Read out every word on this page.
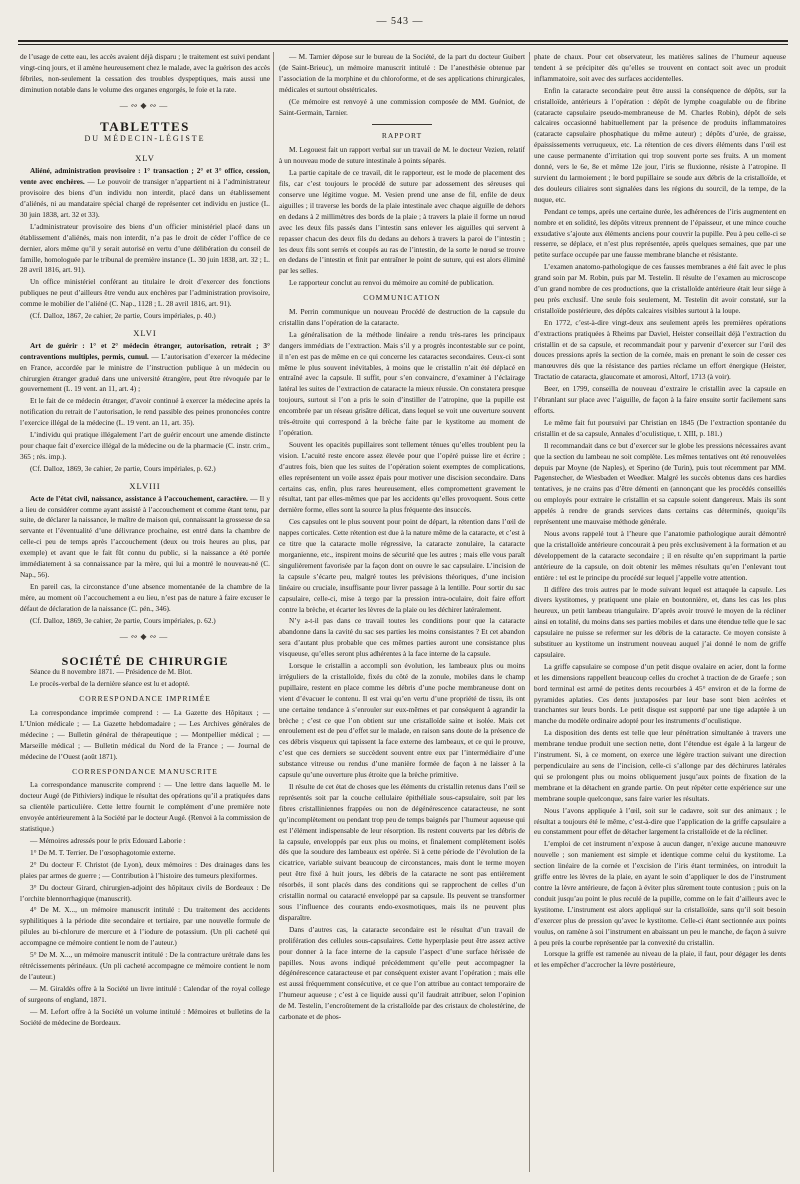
— 543 —

de l’usage de cette eau, les accès avaient déjà disparu ; le traitement est suivi pendant vingt-cinq jours, et il amène heureusement chez le malade, avec la guérison des accès fébriles, non-seulement la cessation des troubles dyspeptiques, mais aussi une diminution notable dans le volume des organes engorgés, le foie et la rate.

—∾◆∾—
TABLETTES
DU MÉDECIN-LÉGISTE
XLV

Aliéné, administration provisoire : 1° transaction ; 2° et 3° office, cession, vente avec enchères. — Le pouvoir de transiger n’appartient ni à l’administrateur provisoire des biens d’un individu non interdit, placé dans un établissement d’aliénés, ni au mandataire spécial chargé de représenter cet individu en justice (L. 30 juin 1838, art. 32 et 33).

L’administrateur provisoire des biens d’un officier ministériel placé dans un établissement d’aliénés, mais non interdit, n’a pas le droit de céder l’office de ce dernier, alors même qu’il y serait autorisé en vertu d’une délibération du conseil de famille, homologuée par le tribunal de première instance (L. 30 juin 1838, art. 32 ; L. 28 avril 1816, art. 91).

Un office ministériel conférant au titulaire le droit d’exercer des fonctions publiques ne peut d’ailleurs être vendu aux enchères par l’administration provisoire, comme le mobilier de l’aliéné (C. Nap., 1128 ; L. 28 avril 1816, art. 91).

(Cf. Dalloz, 1867, 2e cahier, 2e partie, Cours impériales, p. 40.)

XLVI

Art de guérir : 1° et 2° médecin étranger, autorisation, retrait ; 3° contraventions multiples, permis, cumul. — L’autorisation d’exercer la médecine en France, accordée par le ministre de l’instruction publique à un médecin ou chirurgien étranger gradué dans une université étrangère, peut être révoquée par le gouvernement (L. 19 vent. an 11, art. 4) ;

Et le fait de ce médecin étranger, d’avoir continué à exercer la médecine après la notification du retrait de l’autorisation, le rend passible des peines prononcées contre l’exercice illégal de la médecine (L. 19 vent. an 11, art. 35).

L’individu qui pratique illégalement l’art de guérir encourt une amende distincte pour chaque fait d’exercice illégal de la médecine ou de la pharmacie (C. instr. crim., 365 ; rés. imp.).

(Cf. Dalloz, 1869, 3e cahier, 2e partie, Cours impériales, p. 62.)

XLVIII

Acte de l’état civil, naissance, assistance à l’accouchement, caractère. — Il y a lieu de considérer comme ayant assisté à l’accouchement et comme étant tenu, par suite, de déclarer la naissance, le maître de maison qui, connaissant la grossesse de sa servante et l’éventualité d’une délivrance prochaine, est entré dans la chambre de celle-ci peu de temps après l’accouchement (deux ou trois heures au plus, par exemple) et avant que le fait fût connu du public, si la naissance a été portée immédiatement à sa connaissance par la mère, qui lui a montré le nouveau-né (C. Nap., 56).

En pareil cas, la circonstance d’une absence momentanée de la chambre de la mère, au moment où l’accouchement a eu lieu, n’est pas de nature à faire excuser le défaut de déclaration de la naissance (C. pén., 346).

(Cf. Dalloz, 1869, 3e cahier, 2e partie, Cours impériales, p. 62.)

—∾◆∾—
SOCIÉTÉ DE CHIRURGIE

Séance du 8 novembre 1871. — Présidence de M. Blot.

Le procès-verbal de la dernière séance est lu et adopté.

CORRESPONDANCE IMPRIMÉE

La correspondance imprimée comprend : — La Gazette des Hôpitaux ; — L’Union médicale ; — La Gazette hebdomadaire ; — Les Archives générales de médecine ; — Bulletin général de thérapeutique ; — Montpellier médical ; — Marseille médical ; — Bulletin médical du Nord de la France ; — Journal de médecine de l’Ouest (août 1871).

CORRESPONDANCE MANUSCRITE

La correspondance manuscrite comprend : — Une lettre dans laquelle M. le docteur Augé (de Pithiviers) indique le résultat des opérations qu’il a pratiquées dans sa clientèle particulière. Cette lettre fournit le complément d’une première note envoyée antérieurement à la Société par le docteur Augé. (Renvoi à la commission de statistique.)

— Mémoires adressés pour le prix Edouard Laborie :

1° De M. T. Terrier. De l’œsophagotomie externe.

2° Du docteur F. Christot (de Lyon), deux mémoires : Des drainages dans les plaies par armes de guerre ; — Contribution à l’histoire des tumeurs plexiformes.

3° Du docteur Girard, chirurgien-adjoint des hôpitaux civils de Bordeaux : De l’orchite blennorrhagique (manuscrit).

4° De M. X..., un mémoire manuscrit intitulé : Du traitement des accidents syphilitiques à la période dite secondaire et tertiaire, par une nouvelle formule de pilules au bi-chlorure de mercure et à l’iodure de potassium. (Un pli cacheté qui accompagne ce mémoire contient le nom de l’auteur.)

5° De M. X..., un mémoire manuscrit intitulé : De la contracture urétrale dans les rétrécissements périnéaux. (Un pli cacheté accompagne ce mémoire contient le nom de l’auteur.)

— M. Giraldès offre à la Société un livre intitulé : Calendar of the royal college of surgeons of england, 1871.

— M. Lefort offre à la Société un volume intitulé : Mémoires et bulletins de la Société de médecine de Bordeaux.

— M. Tarnier dépose sur le bureau de la Société, de la part du docteur Guibert (de Saint-Brieuc), un mémoire manuscrit intitulé : De l’anesthésie obtenue par l’association de la morphine et du chloroforme, et de ses applications chirurgicales, médicales et surtout obstétricales.

(Ce mémoire est renvoyé à une commission composée de MM. Guéniot, de Saint-Germain, Tarnier.

RAPPORT

M. Legouest fait un rapport verbal sur un travail de M. le docteur Vezien, relatif à un nouveau mode de suture intestinale à points séparés.

La partie capitale de ce travail, dit le rapporteur, est le mode de placement des fils, car c’est toujours le procédé de suture par adossement des séreuses qui conserve une légitime vogue. M. Vesien prend une anse de fil, enfile de deux aiguilles ; il traverse les bords de la plaie intestinale avec chaque aiguille de dehors en dedans à 2 millimètres des bords de la plaie ; à travers la plaie il forme un nœud avec les deux fils passés dans l’intestin sans enlever les aiguilles qui servent à repasser chacun des deux fils du dedans au dehors à travers la paroi de l’intestin ; les deux fils sont serrés et coupés au ras de l’intestin, de la sorte le nœud se trouve en dedans de l’intestin et finit par entraîner le point de suture, qui est alors éliminé par les selles.

Le rapporteur conclut au renvoi du mémoire au comité de publication.

COMMUNICATION

M. Perrin communique un nouveau Procédé de destruction de la capsule du cristallin dans l’opération de la cataracte.

La généralisation de la méthode linéaire a rendu très-rares les principaux dangers immédiats de l’extraction. Mais s’il y a progrès incontestable sur ce point, il n’en est pas de même en ce qui concerne les cataractes secondaires. Ceux-ci sont même le plus souvent inévitables, à moins que le cristallin n’ait été déplacé en entraîné avec la capsule. Il suffit, pour s’en convaincre, d’examiner à l’éclairage latéral les suites de l’extraction de cataracte la mieux réussie. On constatera presque toujours, surtout si l’on a pris le soin d’instiller de l’atropine, que la pupille est encombrée par un réseau grisâtre délicat, dans lequel se voit une ouverture souvent très-étroite qui correspond à la brèche faite par le kystitome au moment de l’opération.

Souvent les opacités pupillaires sont tellement ténues qu’elles troublent peu la vision. L’acuité reste encore assez élevée pour que l’opéré puisse lire et écrire ; d’autres fois, bien que les suites de l’opération soient exemptes de complications, elles représentent un voile assez épais pour motiver une discision secondaire. Dans certains cas, enfin, plus rares heureusement, elles compromettent gravement le résultat, tant par elles-mêmes que par les accidents qu’elles provoquent. Sous cette dernière forme, elles sont la source la plus fréquente des insuccès.

Ces capsules ont le plus souvent pour point de départ, la rétention dans l’œil de nappes corticales. Cette rétention est due à la nature même de la cataracte, et c’est à ce titre que la cataracte molle régressive, la cataracte zonulaire, la cataracte morganienne, etc., inspirent moins de sécurité que les autres ; mais elle vous paraît singulièrement favorisée par la façon dont on ouvre le sac capsulaire. L’incision de la capsule s’écarte peu, malgré toutes les prévisions théoriques, d’une incision linéaire ou cruciale, insuffisante pour livrer passage à la lentille. Pour sortir du sac capsulaire, celle-ci, mise à tergo par la pression intra-oculaire, doit faire effort contre la brèche, et écarter les lèvres de la plaie ou les déchirer latéralement.

N’y a-t-il pas dans ce travail toutes les conditions pour que la cataracte abandonne dans la cavité du sac ses parties les moins consistantes ? Et cet abandon sera d’autant plus probable que ces mêmes parties auront une consistance plus visqueuse, qu’elles seront plus adhérentes à la face interne de la capsule.

Lorsque le cristallin a accompli son évolution, les lambeaux plus ou moins irréguliers de la cristalloïde, fixés du côté de la zonule, mobiles dans le champ pupillaire, restent en place comme les débris d’une poche membraneuse dont on vient d’évacuer le contenu. Il est vrai qu’en vertu d’une propriété de tissu, ils ont une certaine tendance à s’enrouler sur eux-mêmes et par conséquent à agrandir la brèche ; c’est ce que l’on obtient sur une cristalloïde saine et isolée. Mais cet enroulement est de peu d’effet sur le malade, en raison sans doute de la présence de ces débris visqueux qui tapissent la face externe des lambeaux, et ce qui le prouve, c’est que ces derniers se succèdent souvent entre eux par l’intermédiaire d’une substance vitreuse ou rendus d’une manière formée de façon à ne laisser à la capsule qu’une ouverture plus étroite que la brèche primitive.

Il résulte de cet état de choses que les éléments du cristallin retenus dans l’œil se représentés soit par la couche cellulaire épithéliale sous-capsulaire, soit par les fibres cristalliniennes frappées ou non de dégénérescence cataracteuse, ne sont qu’incomplètement ou pendant trop peu de temps baignés par l’humeur aqueuse qui est l’élément indispensable de leur résorption. Ils restent couverts par les débris de la capsule, enveloppés par eux plus ou moins, et finalement complètement isolés dès que la soudure des lambeaux est opérée. Si à cette période de l’évolution de la cicatrice, variable suivant beaucoup de circonstances, mais dont le terme moyen peut être fixé à huit jours, les débris de la cataracte ne sont pas entièrement résorbés, il sont placés dans des conditions qui se rapprochent de celles d’un cristallin normal ou cataracté enveloppé par sa capsule. Ils peuvent se transformer sous l’influence des courants endo-exosmotiques, mais ils ne peuvent plus disparaître.

Dans d’autres cas, la cataracte secondaire est le résultat d’un travail de prolifération des cellules sous-capsulaires. Cette hyperplasie peut être assez active pour donner à la face interne de la capsule l’aspect d’une surface hérissée de papilles. Nous avons indiqué précédemment qu’elle peut accompagner la dégénérescence cataracteuse et par conséquent exister avant l’opération ; mais elle est aussi fréquemment consécutive, et ce que l’on attribue au contact temporaire de l’humeur aqueuse ; c’est à ce liquide aussi qu’il faudrait attribuer, selon l’opinion de M. Testelin, l’encroûtement de la cristalloïde par des cristaux de cholestérine, de carbonate et de phos-

phate de chaux. Pour cet observateur, les matières salines de l’humeur aqueuse tendent à se précipiter dès qu’elles se trouvent en contact soit avec un produit inflammatoire, soit avec des surfaces accidentelles.

Enfin la cataracte secondaire peut être aussi la conséquence de dépôts, sur la cristalloïde, antérieurs à l’opération : dépôt de lymphe coagulable ou de fibrine (cataracte capsulaire pseudo-membraneuse de M. Charles Robin), dépôt de sels calcaires occasionné habituellement par la présence de produits inflammatoires (cataracte capsulaire phosphatique du même auteur) ; dépôts d’urée, de graisse, épaississements verruqueux, etc. La rétention de ces divers éléments dans l’œil est une cause permanente d’irritation qui trop souvent porte ses fruits. A un moment donné, vers le 6e, 8e et même 12e jour, l’iris se fluxionne, résiste à l’atropine. Il survient du larmoiement ; le bord pupillaire se soude aux débris de la cristalloïde, et des douleurs ciliaires sont signalées dans les régions du sourcil, de la tempe, de la nuque, etc.

Pendant ce temps, après une certaine durée, les adhérences de l’iris augmentent en nombre et en solidité, les dépôts vitreux prennent de l’épaisseur, et une mince couche exsudative s’ajoute aux éléments anciens pour couvrir la pupille. Peu à peu celle-ci se resserre, se déplace, et n’est plus représentée, après quelques semaines, que par une petite surface occupée par une fausse membrane blanche et résistante.

L’examen anatomo-pathologique de ces fausses membranes a été fait avec le plus grand soin par M. Robin, puis par M. Testelin. Il résulte de l’examen au microscope d’un grand nombre de ces productions, que la cristalloïde antérieure était leur siège à peu près exclusif. Une seule fois seulement, M. Testelin dit avoir constaté, sur la cristalloïde postérieure, des dépôts calcaires visibles surtout à la loupe.

En 1772, c’est-à-dire vingt-deux ans seulement après les premières opérations d’extractions pratiquées à Rheims par Daviel, Heister conseillait déjà l’extraction du cristallin et de sa capsule, et recommandait pour y parvenir d’exercer sur l’œil des douces pressions après la section de la cornée, mais en prenant le soin de cesser ces manœuvres dès que la résistance des parties réclame un effort énergique (Heister, Tractatio de cataracta, glaucomate et amorosi, Altorf, 1713 (à voir).

Beer, en 1799, conseilla de nouveau d’extraire le cristallin avec la capsule en l’ébranlant sur place avec l’aiguille, de façon à la faire ensuite sortir facilement sans efforts.

Le même fait fut poursuivi par Christian en 1845 (De l’extraction spontanée du cristallin et de sa capsule, Annales d’oculistique, t. XIII, p. 181.)

Il recommandait dans ce but d’exercer sur le globe les pressions nécessaires avant que la section du lambeau ne soit complète. Les mêmes tentatives ont été renouvelées depuis par Moyne (de Naples), et Sperino (de Turin), puis tout récemment par MM. Pagenstecher, de Wiesbaden et Weedker. Malgré les succès obtenus dans ces hardies tentatives, je ne crains pas d’être démenti en (annonçant que les procédés conseillés ou employés pour extraire le cristallin et sa capsule soient dangereux. Mais ils sont appelés à rendre de grands services dans certains cas déterminés, quoiqu’ils représentent une mauvaise méthode générale.

Nous avons rappelé tout à l’heure que l’anatomie pathologique aurait démontré que la cristalloïde antérieure concourait à peu près exclusivement à la formation et au développement de la cataracte secondaire ; il en résulte qu’en supprimant la partie antérieure de la capsule, on doit obtenir les mêmes résultats qu’en l’enlevant tout entière : tel est le principe du procédé sur lequel j’appelle votre attention.

Il diffère des trois autres par le mode suivant lequel est attaquée la capsule. Les divers kystitomes, y pratiquent une plaie en boutonnière, et, dans les cas les plus heureux, un petit lambeau triangulaire. D’après avoir trouvé le moyen de la récliner ainsi en totalité, du moins dans ses parties mobiles et dans une étendue telle que le sac capsulaire ne puisse se refermer sur les débris de la cataracte. Ce moyen consiste à substituer au kystitome un instrument nouveau auquel j’ai donné le nom de griffe capsulaire.

La griffe capsulaire se compose d’un petit disque ovalaire en acier, dont la forme et les dimensions rappellent beaucoup celles du crochet à traction de de Graefe ; son bord terminal est armé de petites dents recourbées à 45° environ et de la forme de pyramides aplaties. Ces dents juxtaposées par leur base sont bien acérées et tranchantes sur leurs bords. Le petit disque est supporté par une tige adaptée à un manche du modèle ordinaire adopté pour les instruments d’oculistique.

La disposition des dents est telle que leur pénétration simultanée à travers une membrane tendue produit une section nette, dont l’étendue est égale à la largeur de l’instrument. Si, à ce moment, on exerce une légère traction suivant une direction perpendiculaire au sens de l’incision, celle-ci s’allonge par des déchirures latérales qui se prolongent plus ou moins obliquement jusqu’aux points de fixation de la membrane et la détachent en grande partie. On peut répéter cette expérience sur une membrane souple quelconque, sans faire varier les résultats.

Nous l’avons appliquée à l’œil, soit sur le cadavre, soit sur des animaux ; le résultat a toujours été le même, c’est-à-dire que l’application de la griffe capsulaire a eu constamment pour effet de détacher largement la cristalloïde et de la récliner.

L’emploi de cet instrument n’expose à aucun danger, n’exige aucune manœuvre nouvelle ; son maniement est simple et identique comme celui du kystitome. La section linéaire de la cornée et l’excision de l’iris étant terminées, on introduit la griffe entre les lèvres de la plaie, en ayant le soin d’appliquer le dos de l’instrument contre la lèvre antérieure, de façon à éviter plus sûrement toute contusion ; puis on la conduit jusqu’au point le plus reculé de la pupille, comme on le fait d’ailleurs avec le kystitome. L’instrument est alors appliqué sur la cristalloïde, sans qu’il soit besoin d’exercer plus de pression qu’avec le kystitome. Celle-ci étant sectionnée aux points voulus, on ramène à soi l’instrument en abaissant un peu le manche, de façon à suivre à peu près la courbe représentée par la convexité du cristallin.

Lorsque la griffe est ramenée au niveau de la plaie, il faut, pour dégager les dents et les empêcher d’accrocher la lèvre postérieure,
